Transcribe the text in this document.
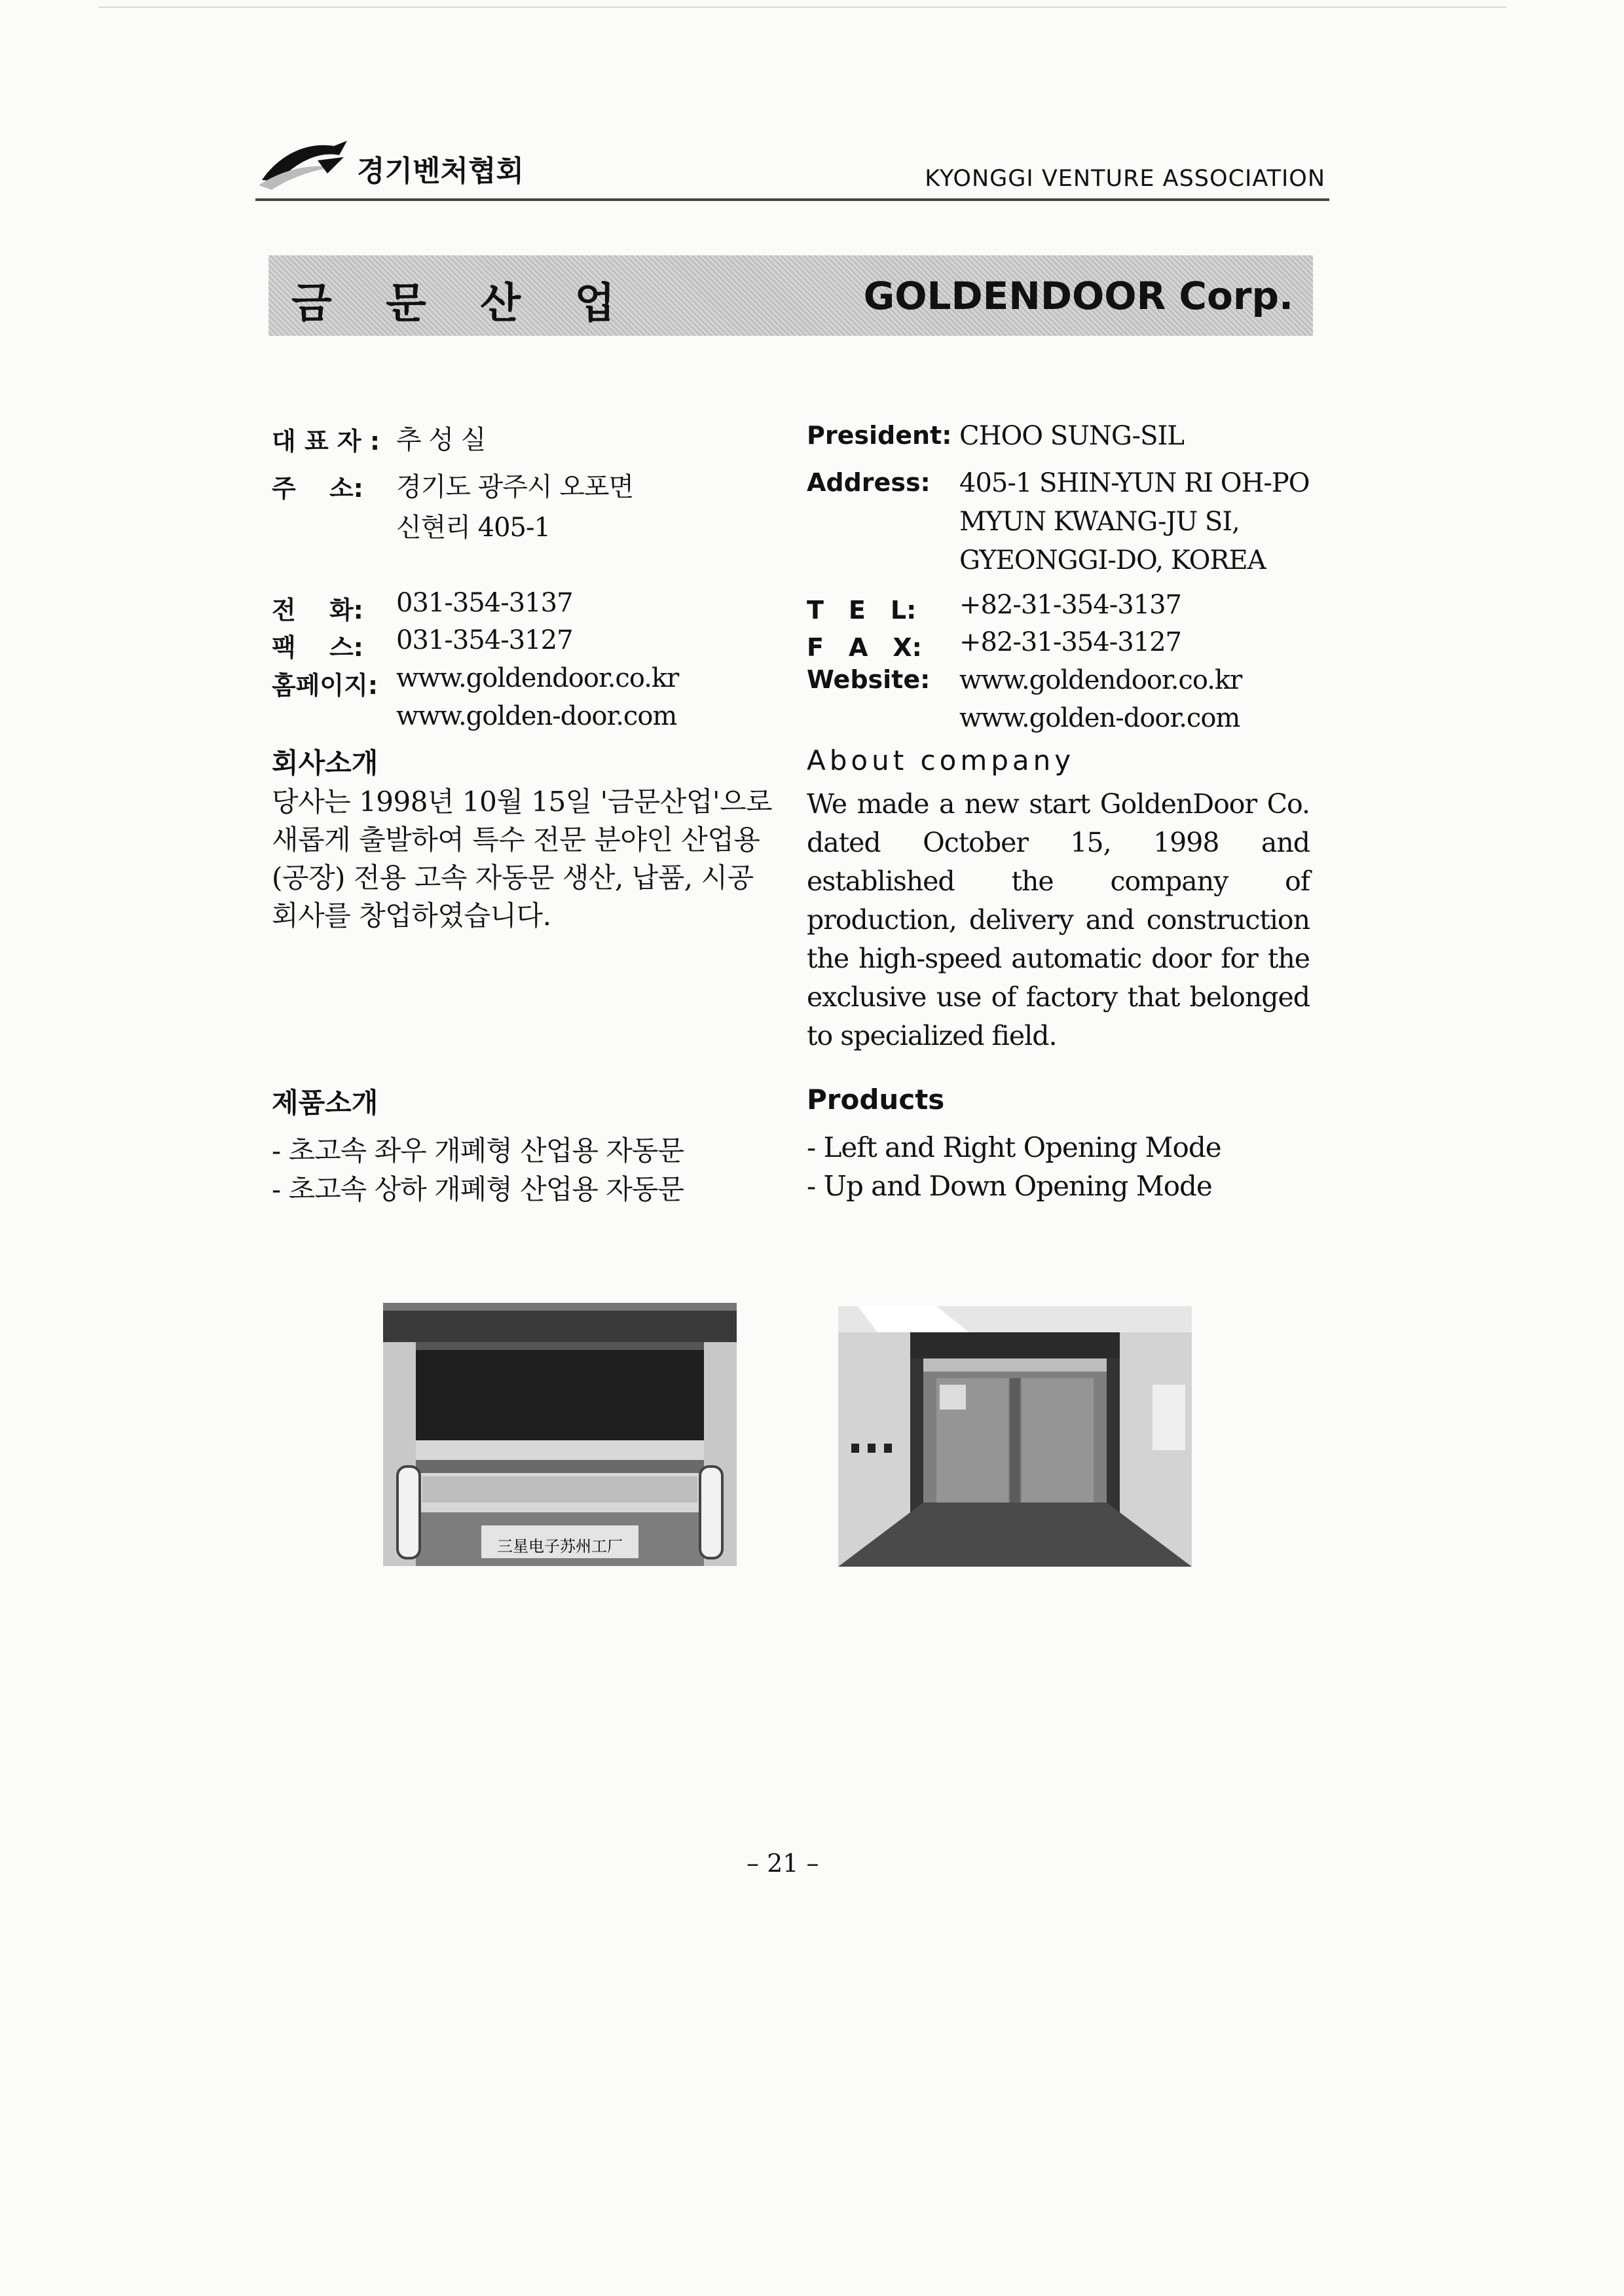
경기벤처협회	KYONGGI VENTURE ASSOCIATION
금 문 산 업	GOLDENDOOR Corp.
대 표 자 : 추 성 실
주 　소: 경기도 광주시 오포면
신현리 405-1
전 　화: 031-354-3137
팩 　스: 031-354-3127
홈페이지: www.goldendoor.co.kr
www.golden-door.com
회사소개
당사는 1998년 10월 15일 '금문산업'으로 새롭게 출발하여 특수 전문 분야인 산업용 (공장) 전용 고속 자동문 생산, 납품, 시공 회사를 창업하였습니다.
제품소개
- 초고속 좌우 개폐형 산업용 자동문
- 초고속 상하 개폐형 산업용 자동문
President: CHOO SUNG-SIL
Address: 405-1 SHIN-YUN RI OH-PO
MYUN KWANG-JU SI,
GYEONGGI-DO, KOREA
T　E　L: +82-31-354-3137
F　A　X: +82-31-354-3127
Website: www.goldendoor.co.kr
www.golden-door.com
About company
We made a new start GoldenDoor Co. dated October 15, 1998 and established the company of production, delivery and construction the high-speed automatic door for the exclusive use of factory that belonged to specialized field.
Products
- Left and Right Opening Mode
- Up and Down Opening Mode
三星电子苏州工厂
– 21 –
